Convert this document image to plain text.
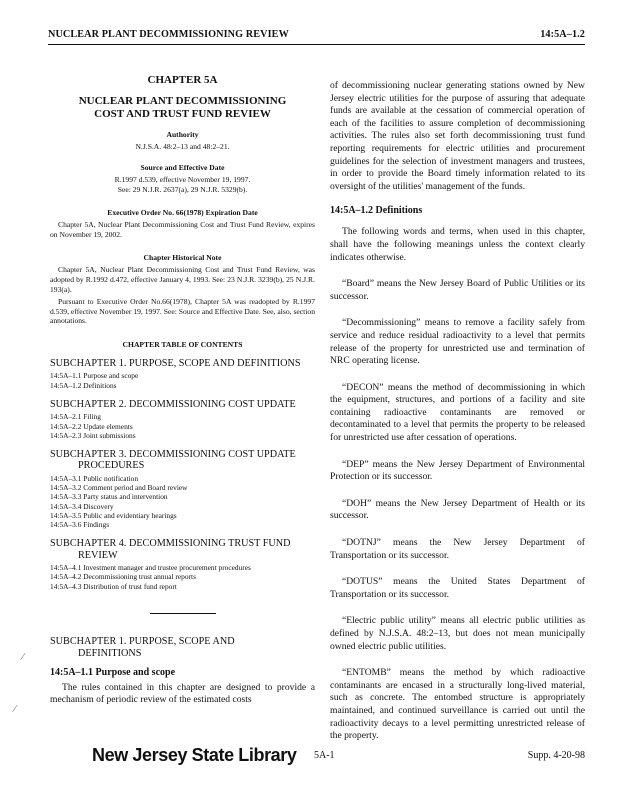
NUCLEAR PLANT DECOMMISSIONING REVIEW	14:5A–1.2
CHAPTER 5A
NUCLEAR PLANT DECOMMISSIONING
COST AND TRUST FUND REVIEW
Authority
N.J.S.A. 48:2–13 and 48:2–21.
Source and Effective Date
R.1997 d.539, effective November 19, 1997.
See: 29 N.J.R. 2637(a), 29 N.J.R. 5329(b).
Executive Order No. 66(1978) Expiration Date

Chapter 5A, Nuclear Plant Decommissioning Cost and Trust Fund Review, expires on November 19, 2002.

Chapter Historical Note

Chapter 5A, Nuclear Plant Decommissioning Cost and Trust Fund Review, was adopted by R.1992 d.472, effective January 4, 1993. See: 23 N.J.R. 3239(b), 25 N.J.R. 193(a).

Pursuant to Executive Order No.66(1978), Chapter 5A was readopted by R.1997 d.539, effective November 19, 1997. See: Source and Effective Date. See, also, section annotations.

CHAPTER TABLE OF CONTENTS
SUBCHAPTER 1. PURPOSE, SCOPE AND DEFINITIONS
14:5A–1.1 Purpose and scope
14:5A–1.2 Definitions
SUBCHAPTER 2. DECOMMISSIONING COST UPDATE
14:5A–2.1 Filing
14:5A–2.2 Update elements
14:5A–2.3 Joint submissions
SUBCHAPTER 3. DECOMMISSIONING COST UPDATE
PROCEDURES
14:5A–3.1 Public notification
14:5A–3.2 Comment period and Board review
14:5A–3.3 Party status and intervention
14:5A–3.4 Discovery
14:5A–3.5 Public and evidentiary hearings
14:5A–3.6 Findings
SUBCHAPTER 4. DECOMMISSIONING TRUST FUND
REVIEW
14:5A–4.1 Investment manager and trustee procurement procedures
14:5A–4.2 Decommissioning trust annual reports
14:5A–4.3 Distribution of trust fund report
SUBCHAPTER 1. PURPOSE, SCOPE AND
DEFINITIONS
14:5A–1.1 Purpose and scope

The rules contained in this chapter are designed to provide a mechanism of periodic review of the estimated costs

of decommissioning nuclear generating stations owned by New Jersey electric utilities for the purpose of assuring that adequate funds are available at the cessation of commercial operation of each of the facilities to assure completion of decommissioning activities. The rules also set forth decommissioning trust fund reporting requirements for electric utilities and procurement guidelines for the selection of investment managers and trustees, in order to provide the Board timely information related to its oversight of the utilities' management of the funds.

14:5A–1.2 Definitions

The following words and terms, when used in this chapter, shall have the following meanings unless the context clearly indicates otherwise.

“Board” means the New Jersey Board of Public Utilities or its successor.

“Decommissioning” means to remove a facility safely from service and reduce residual radioactivity to a level that permits release of the property for unrestricted use and termination of NRC operating license.

“DECON” means the method of decommissioning in which the equipment, structures, and portions of a facility and site containing radioactive contaminants are removed or decontaminated to a level that permits the property to be released for unrestricted use after cessation of operations.

“DEP” means the New Jersey Department of Environmental Protection or its successor.

“DOH” means the New Jersey Department of Health or its successor.

“DOTNJ” means the New Jersey Department of Transportation or its successor.

“DOTUS” means the United States Department of Transportation or its successor.

“Electric public utility” means all electric public utilities as defined by N.J.S.A. 48:2–13, but does not mean municipally owned electric public utilities.

“ENTOMB” means the method by which radioactive contaminants are encased in a structurally long-lived material, such as concrete. The entombed structure is appropriately maintained, and continued surveillance is carried out until the radioactivity decays to a level permitting unrestricted release of the property.

⁄
⁄
New Jersey State Library 5A-1	Supp. 4-20-98
